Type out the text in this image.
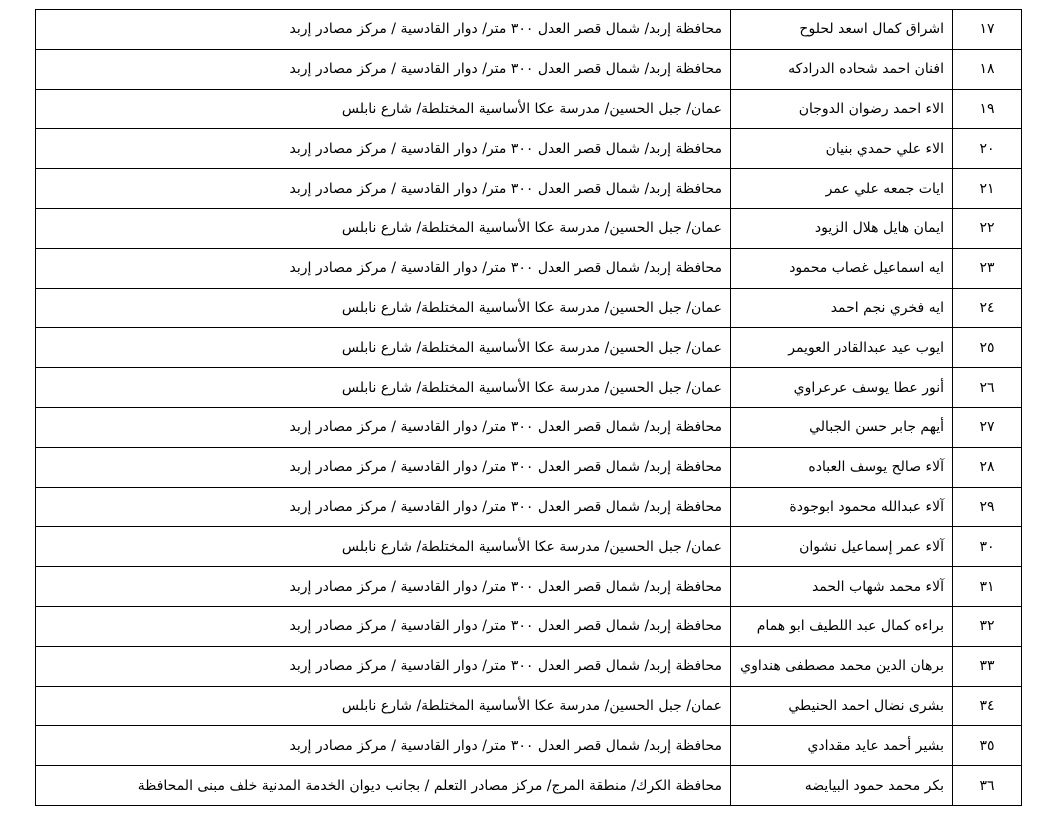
١٧	اشراق كمال اسعد لحلوح	محافظة إربد/ شمال قصر العدل ٣٠٠ متر/ دوار القادسية / مركز مصادر إربد
١٨	افنان احمد شحاده الدرادكه	محافظة إربد/ شمال قصر العدل ٣٠٠ متر/ دوار القادسية / مركز مصادر إربد
١٩	الاء احمد رضوان الدوجان	عمان/ جبل الحسين/ مدرسة عكا الأساسية المختلطة/ شارع نابلس
٢٠	الاء علي حمدي بنيان	محافظة إربد/ شمال قصر العدل ٣٠٠ متر/ دوار القادسية / مركز مصادر إربد
٢١	ايات جمعه علي عمر	محافظة إربد/ شمال قصر العدل ٣٠٠ متر/ دوار القادسية / مركز مصادر إربد
٢٢	ايمان هايل هلال الزيود	عمان/ جبل الحسين/ مدرسة عكا الأساسية المختلطة/ شارع نابلس
٢٣	ايه اسماعيل غصاب محمود	محافظة إربد/ شمال قصر العدل ٣٠٠ متر/ دوار القادسية / مركز مصادر إربد
٢٤	ايه فخري نجم احمد	عمان/ جبل الحسين/ مدرسة عكا الأساسية المختلطة/ شارع نابلس
٢٥	ايوب عيد عبدالقادر العويمر	عمان/ جبل الحسين/ مدرسة عكا الأساسية المختلطة/ شارع نابلس
٢٦	أنور عطا يوسف عرعراوي	عمان/ جبل الحسين/ مدرسة عكا الأساسية المختلطة/ شارع نابلس
٢٧	أيهم جابر حسن الجبالي	محافظة إربد/ شمال قصر العدل ٣٠٠ متر/ دوار القادسية / مركز مصادر إربد
٢٨	آلاء صالح يوسف العباده	محافظة إربد/ شمال قصر العدل ٣٠٠ متر/ دوار القادسية / مركز مصادر إربد
٢٩	آلاء عبدالله محمود ابوجودة	محافظة إربد/ شمال قصر العدل ٣٠٠ متر/ دوار القادسية / مركز مصادر إربد
٣٠	آلاء عمر إسماعيل نشوان	عمان/ جبل الحسين/ مدرسة عكا الأساسية المختلطة/ شارع نابلس
٣١	آلاء محمد شهاب الحمد	محافظة إربد/ شمال قصر العدل ٣٠٠ متر/ دوار القادسية / مركز مصادر إربد
٣٢	براءه كمال عبد اللطيف ابو همام	محافظة إربد/ شمال قصر العدل ٣٠٠ متر/ دوار القادسية / مركز مصادر إربد
٣٣	برهان الدين محمد مصطفى هنداوي	محافظة إربد/ شمال قصر العدل ٣٠٠ متر/ دوار القادسية / مركز مصادر إربد
٣٤	بشرى نضال احمد الحنيطي	عمان/ جبل الحسين/ مدرسة عكا الأساسية المختلطة/ شارع نابلس
٣٥	بشير أحمد عايد مقدادي	محافظة إربد/ شمال قصر العدل ٣٠٠ متر/ دوار القادسية / مركز مصادر إربد
٣٦	بكر محمد حمود البيايضه	محافظة الكرك/ منطقة المرج/ مركز مصادر التعلم / بجانب ديوان الخدمة المدنية خلف مبنى المحافظة
